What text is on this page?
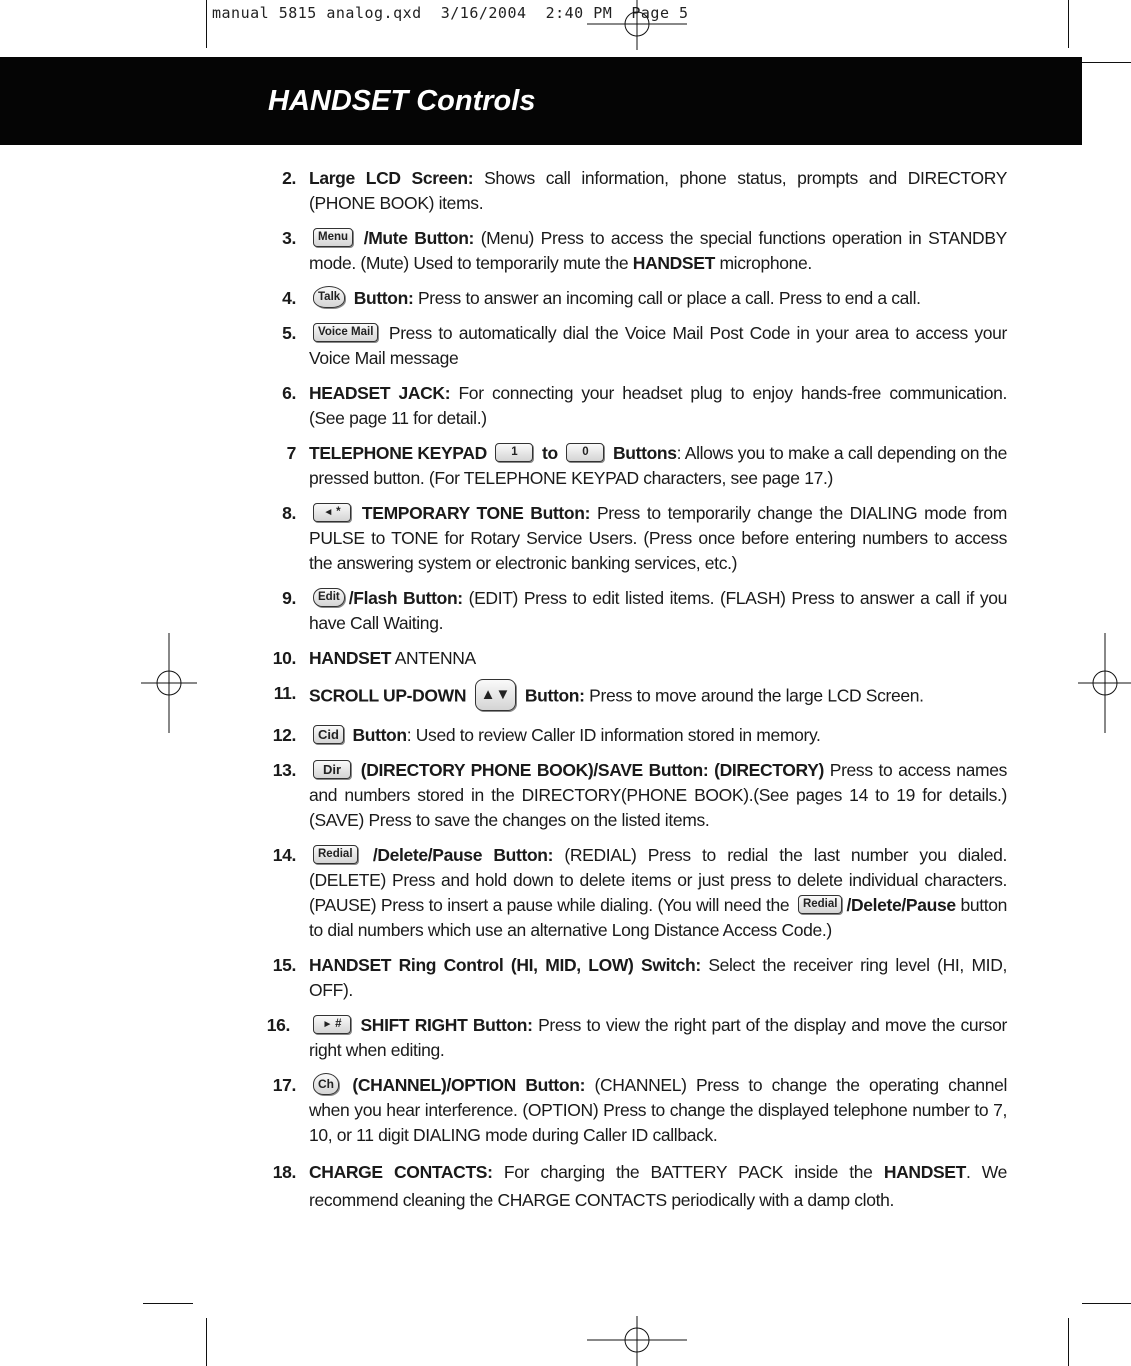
manual 5815 analog.qxd  3/16/2004  2:40 PM  Page 5
HANDSET Controls
2. Large LCD Screen: Shows call information, phone status, prompts and DIRECTORY (PHONE BOOK) items.
3. Menu /Mute Button: (Menu) Press to access the special functions operation in STANDBY mode. (Mute) Used to temporarily mute the HANDSET microphone.
4. Talk Button: Press to answer an incoming call or place a call. Press to end a call.
5. Voice Mail Press to automatically dial the Voice Mail Post Code in your area to access your Voice Mail message
6. HEADSET JACK: For connecting your headset plug to enjoy hands-free communication. (See page 11 for detail.)
7 TELEPHONE KEYPAD 1 to 0 Buttons: Allows you to make a call depending on the pressed button. (For TELEPHONE KEYPAD characters, see page 17.)
8.	◄ * TEMPORARY TONE Button: Press to temporarily change the DIALING mode from PULSE to TONE for Rotary Service Users. (Press once before entering numbers to access the answering system or electronic banking services, etc.)
9. Edit /Flash Button: (EDIT) Press to edit listed items. (FLASH) Press to answer a call if you have Call Waiting.
10. HANDSET ANTENNA
11. SCROLL UP-DOWN ▲▼ Button: Press to move around the large LCD Screen.
12. Cid Button: Used to review Caller ID information stored in memory.
13. Dir (DIRECTORY PHONE BOOK)/SAVE Button: (DIRECTORY) Press to access names and numbers stored in the DIRECTORY(PHONE BOOK).(See pages 14 to 19 for details.) (SAVE) Press to save the changes on the listed items.
14. Redial /Delete/Pause Button: (REDIAL) Press to redial the last number you dialed. (DELETE) Press and hold down to delete items or just press to delete individual characters. (PAUSE) Press to insert a pause while dialing. (You will need the Redial /Delete/Pause button to dial numbers which use an alternative Long Distance Access Code.)
15. HANDSET Ring Control (HI, MID, LOW) Switch: Select the receiver ring level (HI, MID, OFF).
16.	► # SHIFT RIGHT Button: Press to view the right part of the display and move the cursor right when editing.
17. Ch (CHANNEL)/OPTION Button: (CHANNEL) Press to change the operating channel when you hear interference. (OPTION) Press to change the displayed telephone number to 7, 10, or 11 digit DIALING mode during Caller ID callback.
18. CHARGE CONTACTS: For charging the BATTERY PACK inside the HANDSET. We recommend cleaning the CHARGE CONTACTS periodically with a damp cloth.
